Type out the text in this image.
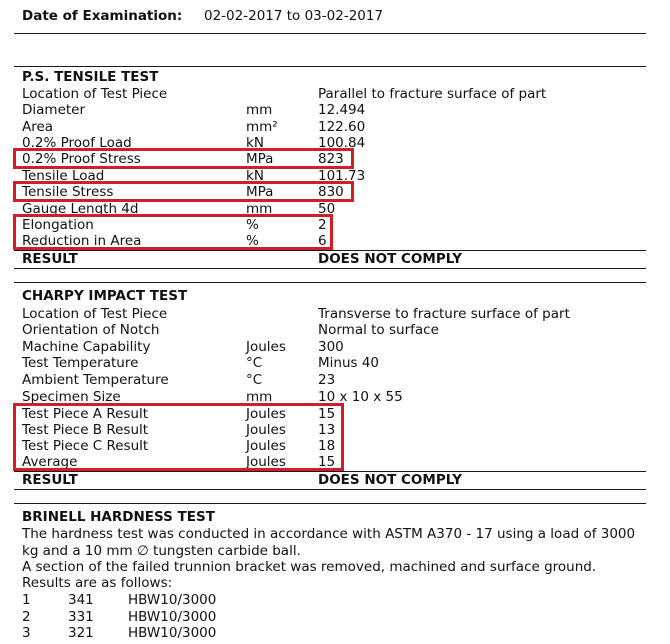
Date of Examination: 02-02-2017 to 03-02-2017
P.S. TENSILE TEST
Location of Test Piece	Parallel to fracture surface of part
Diameter	mm	12.494
Area	mm²	122.60
0.2% Proof Load	kN	100.84
0.2% Proof Stress	MPa	823
Tensile Load	kN	101.73
Tensile Stress	MPa	830
Gauge Length 4d	mm	50
Elongation	%	2
Reduction in Area	%	6
RESULT	DOES NOT COMPLY
CHARPY IMPACT TEST
Location of Test Piece	Transverse to fracture surface of part
Orientation of Notch	Normal to surface
Machine Capability	Joules 300
Test Temperature	°C	Minus 40
Ambient Temperature	°C	23
Specimen Size	mm	10 x 10 x 55
Test Piece A Result	Joules 15
Test Piece B Result	Joules 13
Test Piece C Result	Joules 18
Average	Joules 15
RESULT	DOES NOT COMPLY
BRINELL HARDNESS TEST
The hardness test was conducted in accordance with ASTM A370 - 17 using a load of 3000
kg and a 10 mm ∅ tungsten carbide ball.
A section of the failed trunnion bracket was removed, machined and surface ground.
Results are as follows:
1	341	HBW10/3000
2	331	HBW10/3000
3	321	HBW10/3000
